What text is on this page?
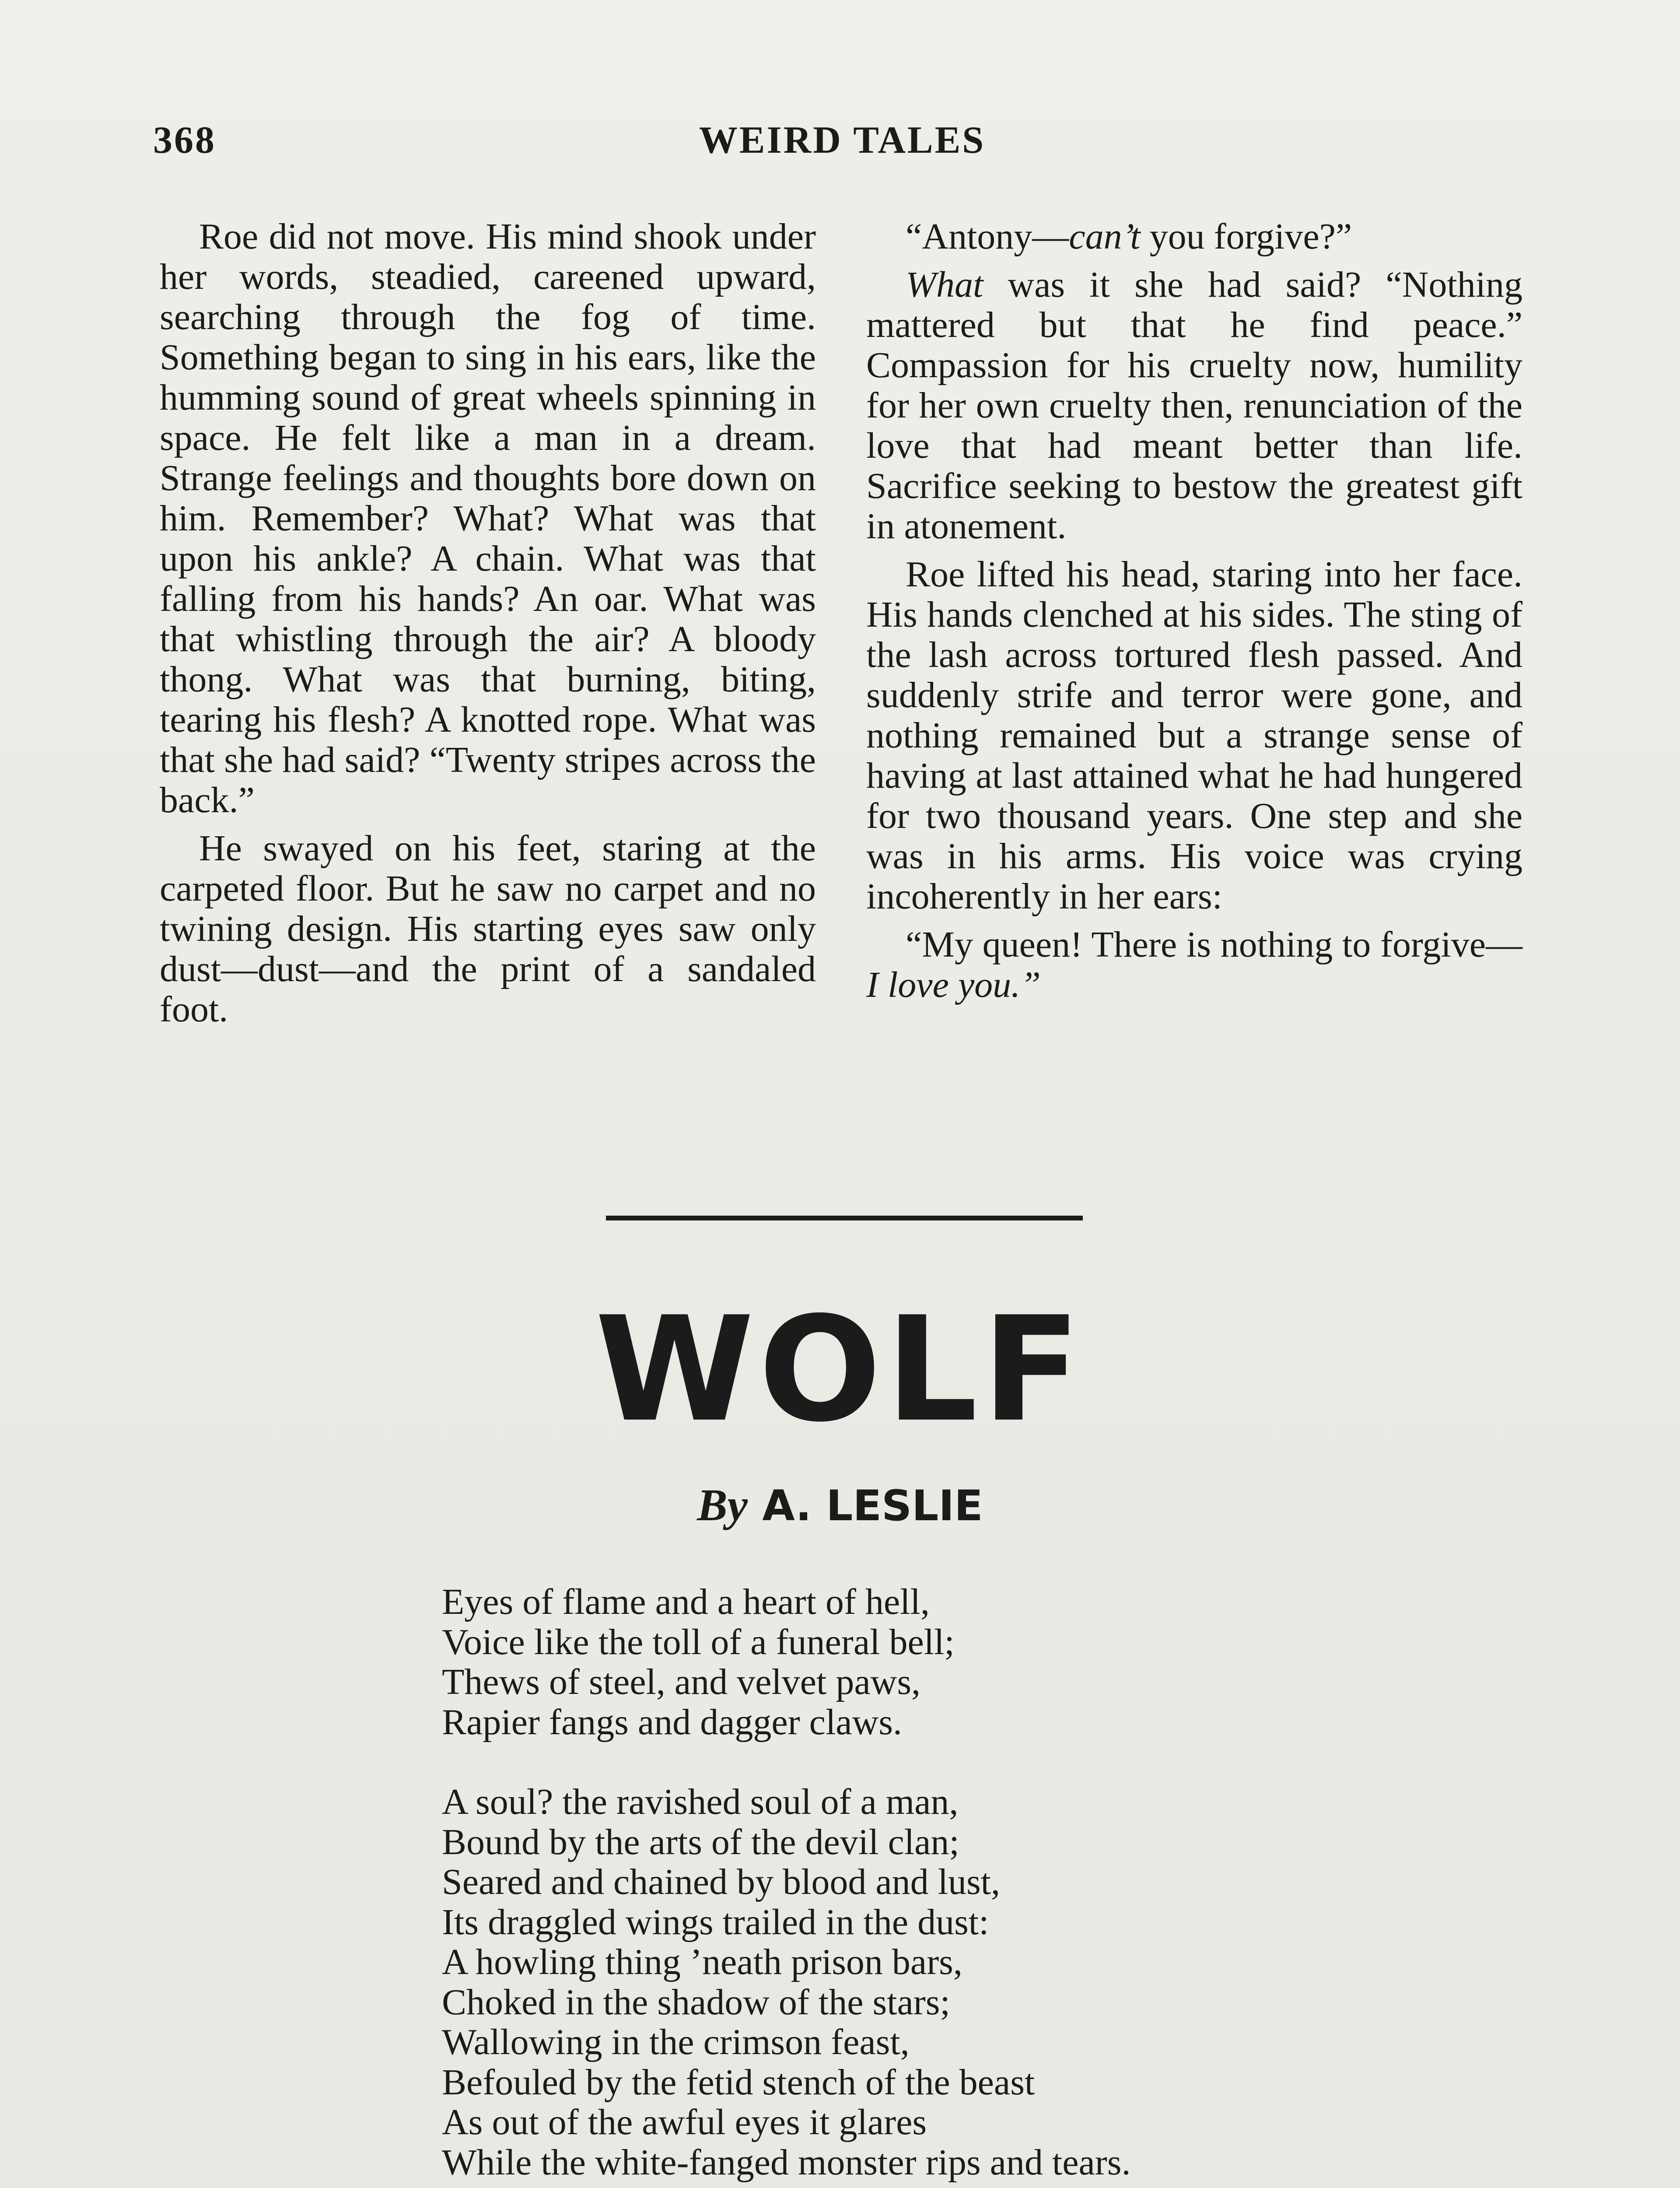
368	WEIRD TALES

Roe did not move. His mind shook under her words, steadied, careened upward, searching through the fog of time. Something began to sing in his ears, like the humming sound of great wheels spinning in space. He felt like a man in a dream. Strange feelings and thoughts bore down on him. Remember? What? What was that upon his ankle? A chain. What was that falling from his hands? An oar. What was that whistling through the air? A bloody thong. What was that burning, biting, tearing his flesh? A knotted rope. What was that she had said? “Twenty stripes across the back.”

He swayed on his feet, staring at the carpeted floor. But he saw no carpet and no twining design. His starting eyes saw only dust—dust—and the print of a sandaled foot.

“Antony—can’t you forgive?”

What was it she had said? “Nothing mattered but that he find peace.” Compassion for his cruelty now, humility for her own cruelty then, renunciation of the love that had meant better than life. Sacrifice seeking to bestow the greatest gift in atonement.

Roe lifted his head, staring into her face. His hands clenched at his sides. The sting of the lash across tortured flesh passed. And suddenly strife and terror were gone, and nothing remained but a strange sense of having at last attained what he had hungered for two thousand years. One step and she was in his arms. His voice was crying incoherently in her ears:

“My queen! There is nothing to forgive—I love you.”

WOLF
By A. LESLIE
Eyes of flame and a heart of hell,
Voice like the toll of a funeral bell;
Thews of steel, and velvet paws,
Rapier fangs and dagger claws.
A soul? the ravished soul of a man,
Bound by the arts of the devil clan;
Seared and chained by blood and lust,
Its draggled wings trailed in the dust:
A howling thing ’neath prison bars,
Choked in the shadow of the stars;
Wallowing in the crimson feast,
Befouled by the fetid stench of the beast
As out of the awful eyes it glares
While the white-fanged monster rips and tears.
